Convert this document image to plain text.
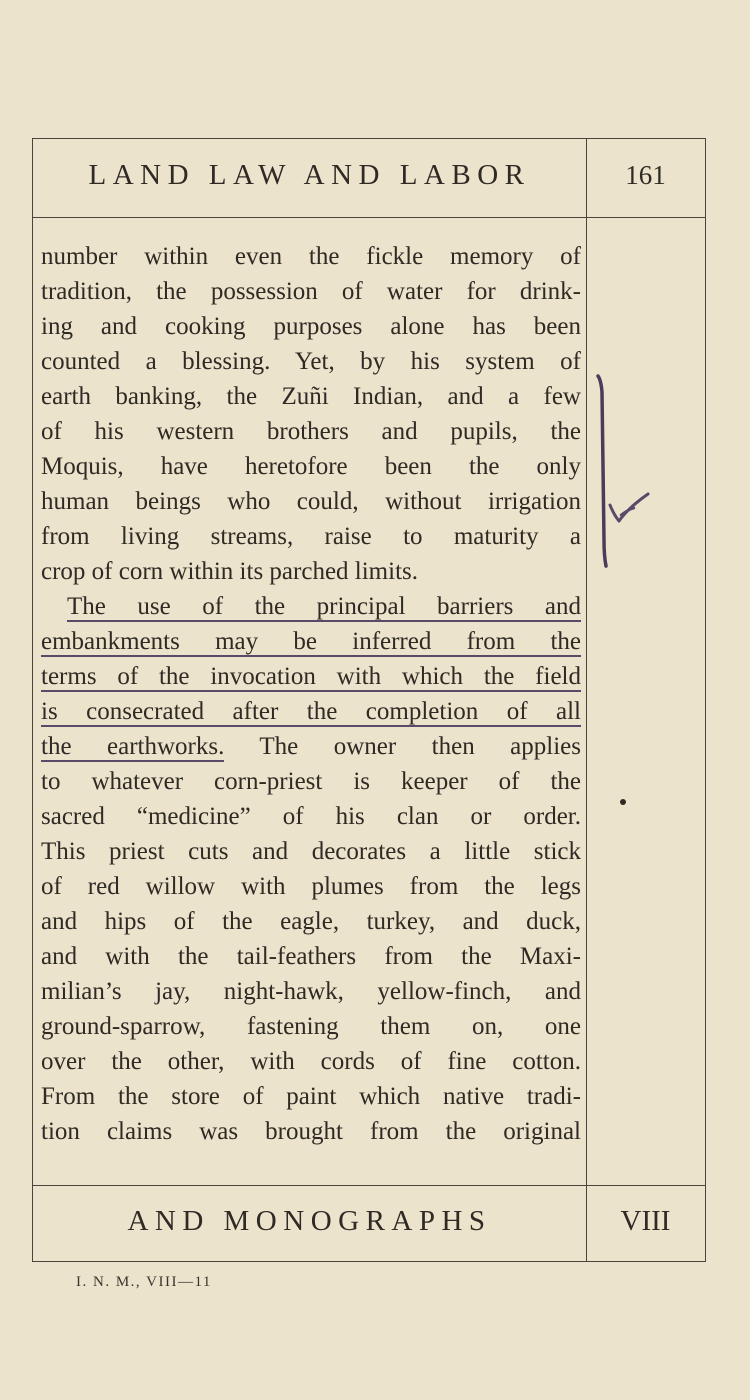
LAND LAW AND LABOR	161
number within even the fickle memory of
tradition, the possession of water for drink-
ing and cooking purposes alone has been
counted a blessing. Yet, by his system of
earth banking, the Zuñi Indian, and a few
of his western brothers and pupils, the
Moquis, have heretofore been the only
human beings who could, without irrigation
from living streams, raise to maturity a
crop of corn within its parched limits.
The use of the principal barriers and
embankments may be inferred from the
terms of the invocation with which the field
is consecrated after the completion of all
the earthworks. The owner then applies
to whatever corn-priest is keeper of the
sacred “medicine” of his clan or order.
This priest cuts and decorates a little stick
of red willow with plumes from the legs
and hips of the eagle, turkey, and duck,
and with the tail-feathers from the Maxi-
milian’s jay, night-hawk, yellow-finch, and
ground-sparrow, fastening them on, one
over the other, with cords of fine cotton.
From the store of paint which native tradi-
tion claims was brought from the original
AND MONOGRAPHS	VIII
I. N. M., VIII—11
